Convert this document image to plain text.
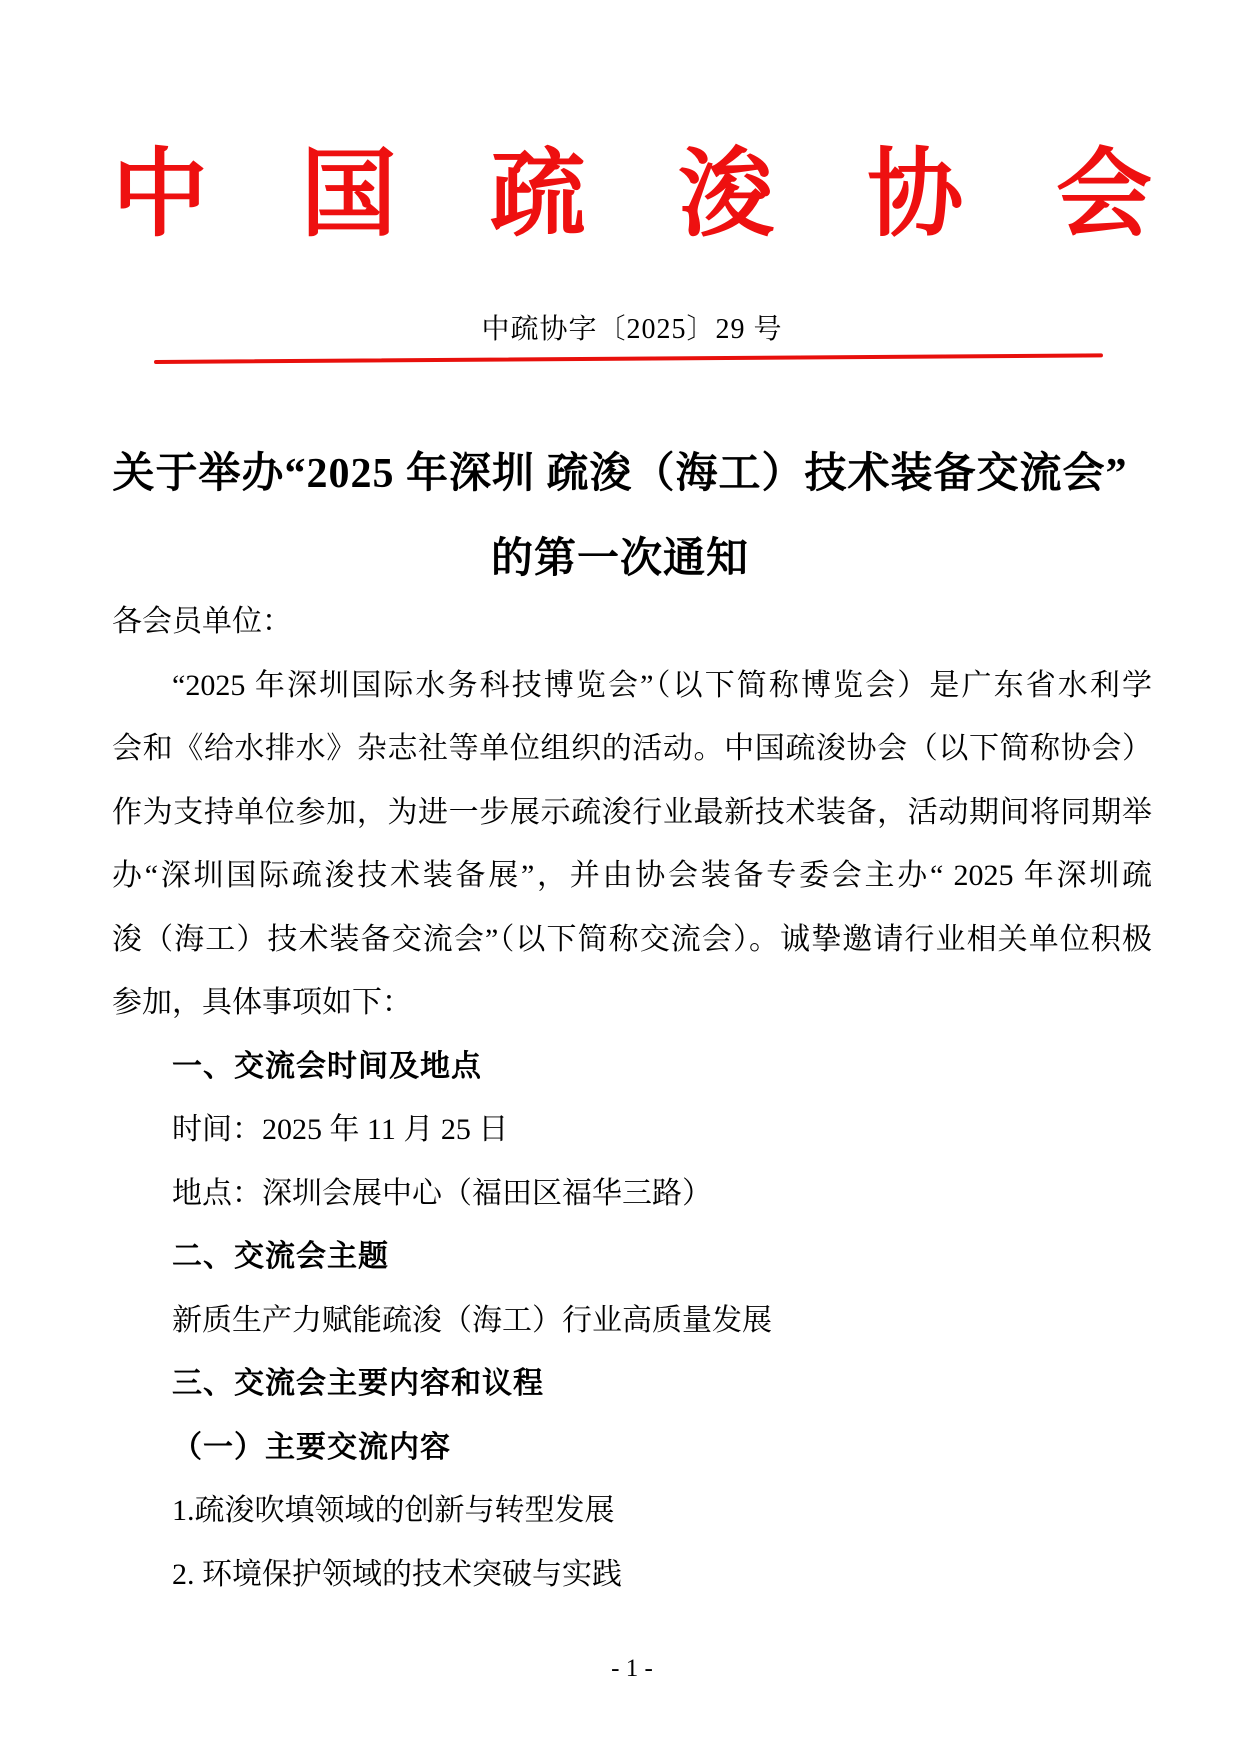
中 国 疏 浚 协 会
中疏协字〔2025〕29 号
关于举办“2025 年深圳 疏浚（海工）技术装备交流会”
的第一次通知
各会员单位：
“2025 年深圳国际水务科技博览会”（以下简称博览会）是广东省水利学
会和《给水排水》杂志社等单位组织的活动。中国疏浚协会（以下简称协会）
作为支持单位参加，为进一步展示疏浚行业最新技术装备，活动期间将同期举
办“深圳国际疏浚技术装备展”，并由协会装备专委会主办“ 2025 年深圳疏
浚（海工）技术装备交流会”（以下简称交流会）。诚挚邀请行业相关单位积极
参加，具体事项如下：
一、交流会时间及地点
时间：2025 年 11 月 25 日
地点：深圳会展中心（福田区福华三路）
二、交流会主题
新质生产力赋能疏浚（海工）行业高质量发展
三、交流会主要内容和议程
（一）主要交流内容
1.疏浚吹填领域的创新与转型发展
2. 环境保护领域的技术突破与实践
- 1 -
